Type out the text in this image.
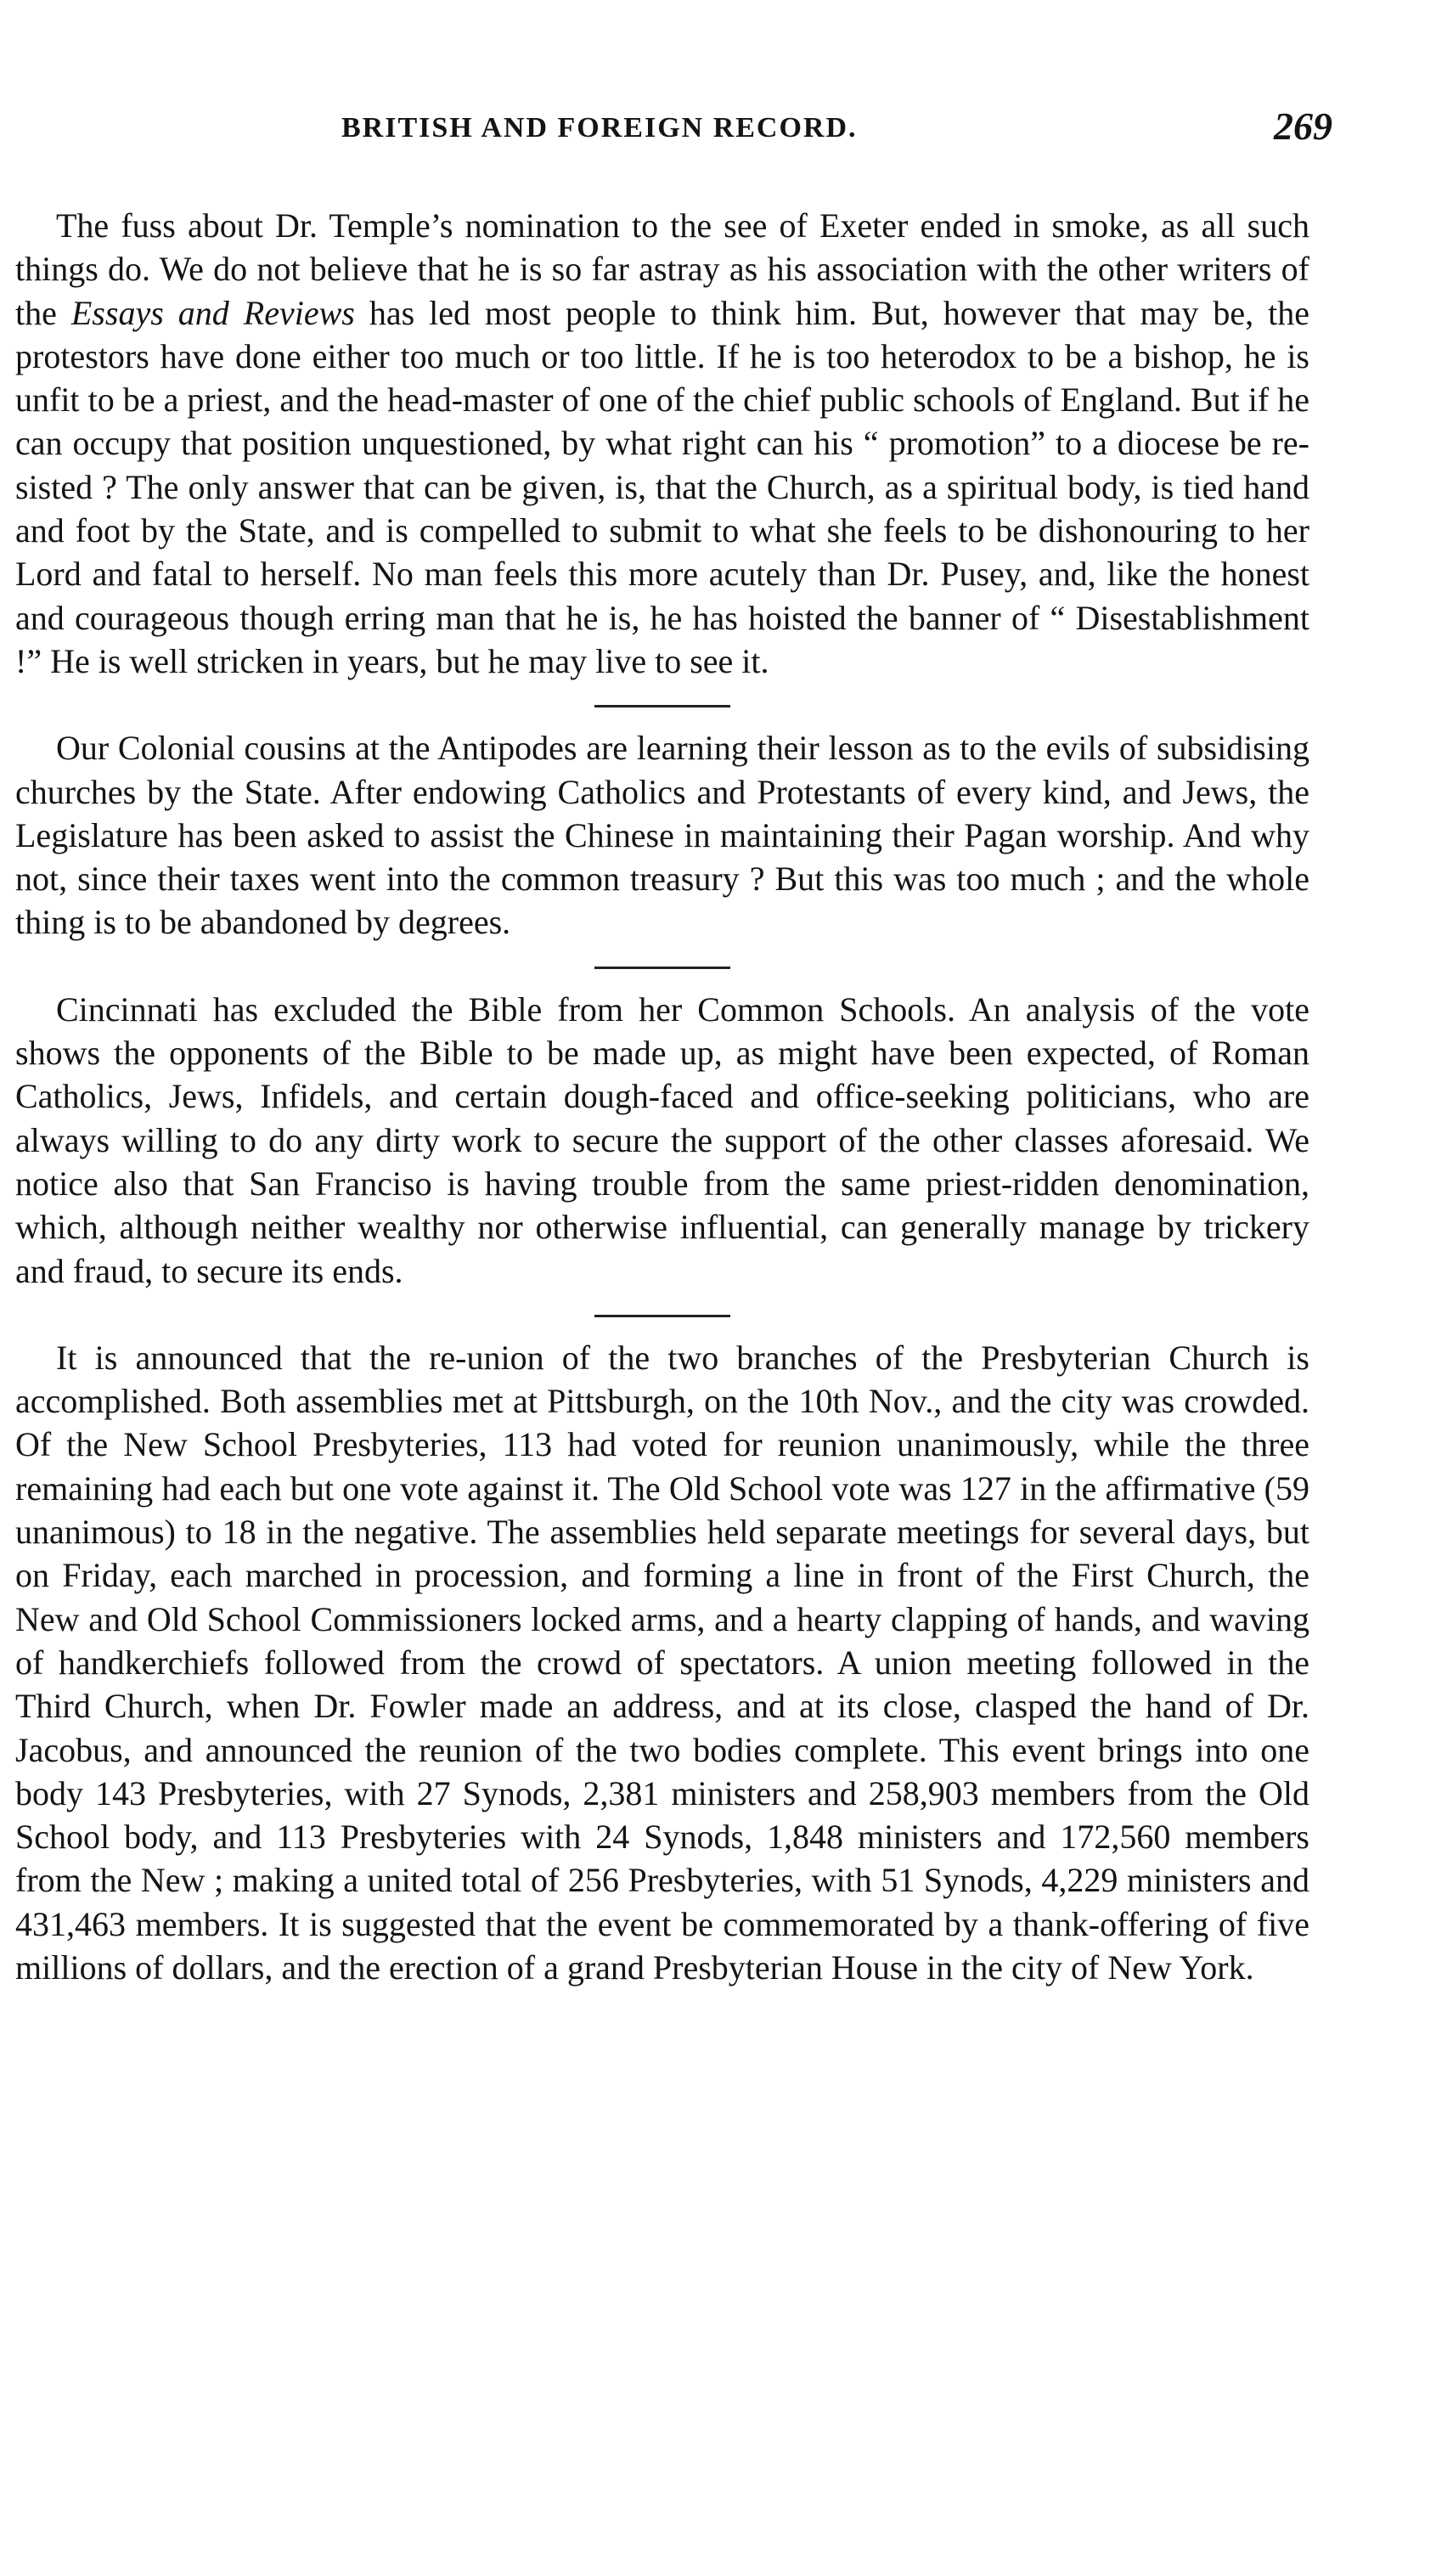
BRITISH AND FOREIGN RECORD.	269

The fuss about Dr. Temple’s nomination to the see of Exeter ended in smoke, as all such things do. We do not believe that he is so far astray as his association with the other writers of the Essays and Reviews has led most people to think him. But, however that may be, the protestors have done either too much or too little. If he is too heterodox to be a bishop, he is unfit to be a priest, and the head-master of one of the chief public schools of England. But if he can occupy that position unquestioned, by what right can his “ promotion” to a diocese be resisted ? The only answer that can be given, is, that the Church, as a spiritual body, is tied hand and foot by the State, and is compelled to submit to what she feels to be dishonouring to her Lord and fatal to herself. No man feels this more acutely than Dr. Pusey, and, like the honest and courageous though erring man that he is, he has hoisted the banner of “ Disestablishment !” He is well stricken in years, but he may live to see it.

Our Colonial cousins at the Antipodes are learning their lesson as to the evils of subsidising churches by the State. After endowing Catholics and Protestants of every kind, and Jews, the Legislature has been asked to assist the Chinese in maintaining their Pagan worship. And why not, since their taxes went into the common treasury ? But this was too much ; and the whole thing is to be abandoned by degrees.

Cincinnati has excluded the Bible from her Common Schools. An analysis of the vote shows the opponents of the Bible to be made up, as might have been expected, of Roman Catholics, Jews, Infidels, and certain dough-faced and office-seeking politicians, who are always willing to do any dirty work to secure the support of the other classes aforesaid. We notice also that San Franciso is having trouble from the same priest-ridden denomination, which, although neither wealthy nor otherwise influential, can generally manage by trickery and fraud, to secure its ends.

It is announced that the re-union of the two branches of the Presbyterian Church is accomplished. Both assemblies met at Pittsburgh, on the 10th Nov., and the city was crowded. Of the New School Presbyteries, 113 had voted for reunion unanimously, while the three remaining had each but one vote against it. The Old School vote was 127 in the affirmative (59 unanimous) to 18 in the negative. The assemblies held separate meetings for several days, but on Friday, each marched in procession, and forming a line in front of the First Church, the New and Old School Commissioners locked arms, and a hearty clapping of hands, and waving of handkerchiefs followed from the crowd of spectators. A union meeting followed in the Third Church, when Dr. Fowler made an address, and at its close, clasped the hand of Dr. Jacobus, and announced the reunion of the two bodies complete. This event brings into one body 143 Presbyteries, with 27 Synods, 2,381 ministers and 258,903 members from the Old School body, and 113 Presbyteries with 24 Synods, 1,848 ministers and 172,560 members from the New ; making a united total of 256 Presbyteries, with 51 Synods, 4,229 ministers and 431,463 members. It is suggested that the event be commemorated by a thank-offering of five millions of dollars, and the erection of a grand Presbyterian House in the city of New York.
